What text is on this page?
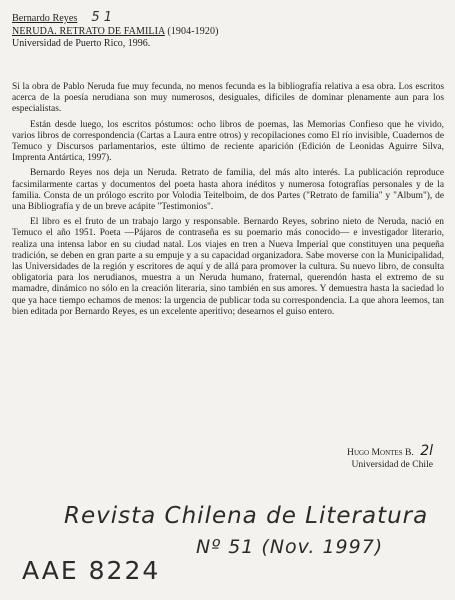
Bernardo Reyes 5 1
NERUDA. RETRATO DE FAMILIA (1904-1920)
Universidad de Puerto Rico, 1996.

Si la obra de Pablo Neruda fue muy fecunda, no menos fecunda es la bibliografía relativa a esa obra. Los escritos acerca de la poesía nerudiana son muy numerosos, desiguales, difíciles de dominar plenamente aun para los especialistas.

Están desde luego, los escritos póstumos: ocho libros de poemas, las Memorias Confieso que he vivido, varios libros de correspondencia (Cartas a Laura entre otros) y recopilaciones como El río invisible, Cuadernos de Temuco y Discursos parlamentarios, este último de reciente aparición (Edición de Leonidas Aguirre Silva, Imprenta Antártica, 1997).

Bernardo Reyes nos deja un Neruda. Retrato de familia, del más alto interés. La publicación reproduce facsimilarmente cartas y documentos del poeta hasta ahora inéditos y numerosa fotografías personales y de la familia. Consta de un prólogo escrito por Volodia Teitelboim, de dos Partes ("Retrato de familia" y "Album"), de una Bibliografía y de un breve acápite "Testimonios".

El libro es el fruto de un trabajo largo y responsable. Bernardo Reyes, sobrino nieto de Neruda, nació en Temuco el año 1951. Poeta —Pájaros de contraseña es su poemario más conocido— e investigador literario, realiza una intensa labor en su ciudad natal. Los viajes en tren a Nueva Imperial que constituyen una pequeña tradición, se deben en gran parte a su empuje y a su capacidad organizadora. Sabe moverse con la Municipalidad, las Universidades de la región y escritores de aquí y de allá para promover la cultura. Su nuevo libro, de consulta obligatoria para los nerudianos, muestra a un Neruda humano, fraternal, querendón hasta el extremo de su mamadre, dinámico no sólo en la creación literaria, sino también en sus amores. Y demuestra hasta la saciedad lo que ya hace tiempo echamos de menos: la urgencia de publicar toda su correspondencia. La que ahora leemos, tan bien editada por Bernardo Reyes, es un excelente aperitivo; desearnos el guiso entero.

Hugo Montes B. 2l
Universidad de Chile
Revista Chilena de Literatura
Nº 51 (Nov. 1997)
AAE 8224
